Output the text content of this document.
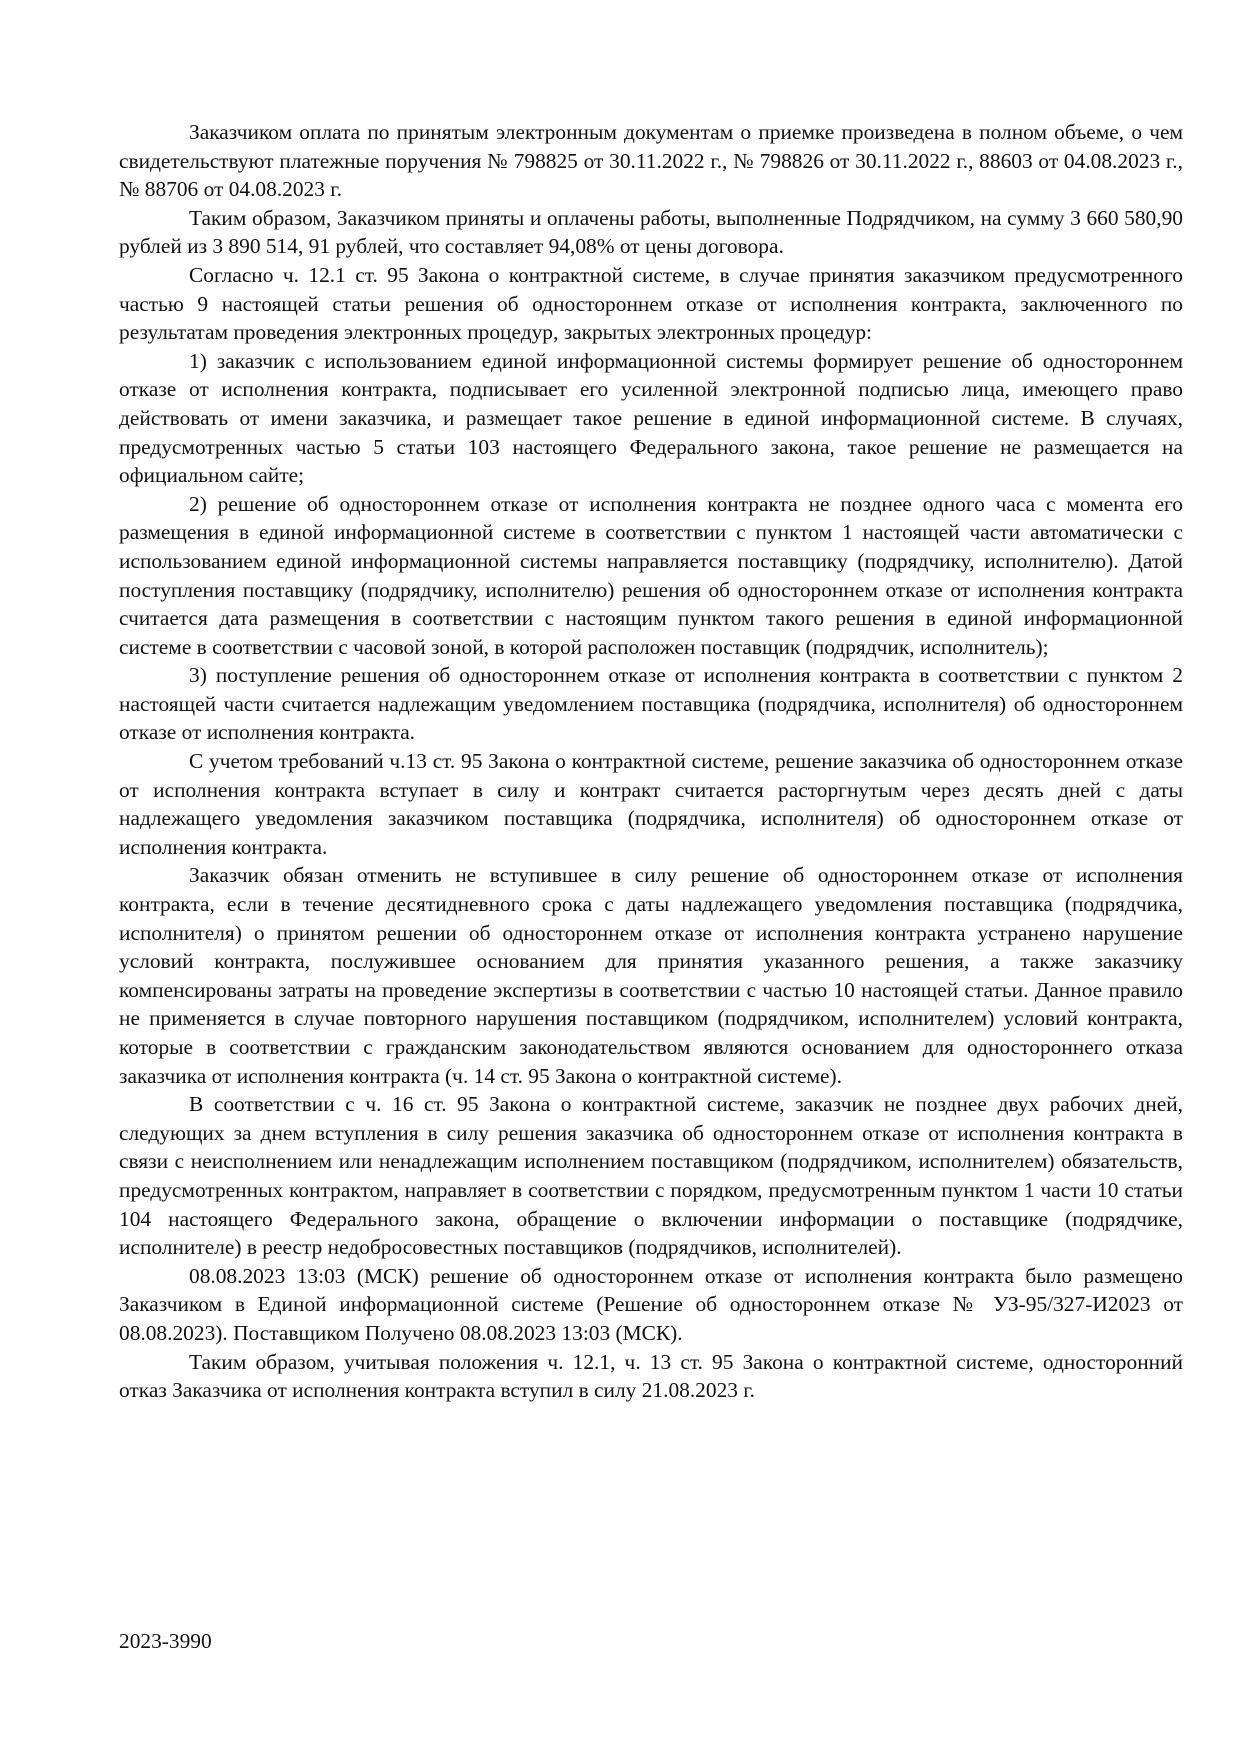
Заказчиком оплата по принятым электронным документам о приемке произведена в полном объеме, о чем свидетельствуют платежные поручения № 798825 от 30.11.2022 г., № 798826 от 30.11.2022 г., 88603 от 04.08.2023 г., № 88706 от 04.08.2023 г.

Таким образом, Заказчиком приняты и оплачены работы, выполненные Подрядчиком, на сумму 3 660 580,90 рублей из 3 890 514, 91 рублей, что составляет 94,08% от цены договора.

Согласно ч. 12.1 ст. 95 Закона о контрактной системе, в случае принятия заказчиком предусмотренного частью 9 настоящей статьи решения об одностороннем отказе от исполнения контракта, заключенного по результатам проведения электронных процедур, закрытых электронных процедур:

1) заказчик с использованием единой информационной системы формирует решение об одностороннем отказе от исполнения контракта, подписывает его усиленной электронной подписью лица, имеющего право действовать от имени заказчика, и размещает такое решение в единой информационной системе. В случаях, предусмотренных частью 5 статьи 103 настоящего Федерального закона, такое решение не размещается на официальном сайте;

2) решение об одностороннем отказе от исполнения контракта не позднее одного часа с момента его размещения в единой информационной системе в соответствии с пунктом 1 настоящей части автоматически с использованием единой информационной системы направляется поставщику (подрядчику, исполнителю). Датой поступления поставщику (подрядчику, исполнителю) решения об одностороннем отказе от исполнения контракта считается дата размещения в соответствии с настоящим пунктом такого решения в единой информационной системе в соответствии с часовой зоной, в которой расположен поставщик (подрядчик, исполнитель);

3) поступление решения об одностороннем отказе от исполнения контракта в соответствии с пунктом 2 настоящей части считается надлежащим уведомлением поставщика (подрядчика, исполнителя) об одностороннем отказе от исполнения контракта.

С учетом требований ч.13 ст. 95 Закона о контрактной системе, решение заказчика об одностороннем отказе от исполнения контракта вступает в силу и контракт считается расторгнутым через десять дней с даты надлежащего уведомления заказчиком поставщика (подрядчика, исполнителя) об одностороннем отказе от исполнения контракта.

Заказчик обязан отменить не вступившее в силу решение об одностороннем отказе от исполнения контракта, если в течение десятидневного срока с даты надлежащего уведомления поставщика (подрядчика, исполнителя) о принятом решении об одностороннем отказе от исполнения контракта устранено нарушение условий контракта, послужившее основанием для принятия указанного решения, а также заказчику компенсированы затраты на проведение экспертизы в соответствии с частью 10 настоящей статьи. Данное правило не применяется в случае повторного нарушения поставщиком (подрядчиком, исполнителем) условий контракта, которые в соответствии с гражданским законодательством являются основанием для одностороннего отказа заказчика от исполнения контракта (ч. 14 ст. 95 Закона о контрактной системе).

В соответствии с ч. 16 ст. 95 Закона о контрактной системе, заказчик не позднее двух рабочих дней, следующих за днем вступления в силу решения заказчика об одностороннем отказе от исполнения контракта в связи с неисполнением или ненадлежащим исполнением поставщиком (подрядчиком, исполнителем) обязательств, предусмотренных контрактом, направляет в соответствии с порядком, предусмотренным пунктом 1 части 10 статьи 104 настоящего Федерального закона, обращение о включении информации о поставщике (подрядчике, исполнителе) в реестр недобросовестных поставщиков (подрядчиков, исполнителей).

08.08.2023 13:03 (МСК) решение об одностороннем отказе от исполнения контракта было размещено Заказчиком в Единой информационной системе (Решение об одностороннем отказе № УЗ-95/327-И2023 от 08.08.2023). Поставщиком Получено 08.08.2023 13:03 (МСК).

Таким образом, учитывая положения ч. 12.1, ч. 13 ст. 95 Закона о контрактной системе, односторонний отказ Заказчика от исполнения контракта вступил в силу 21.08.2023 г.

2023-3990
